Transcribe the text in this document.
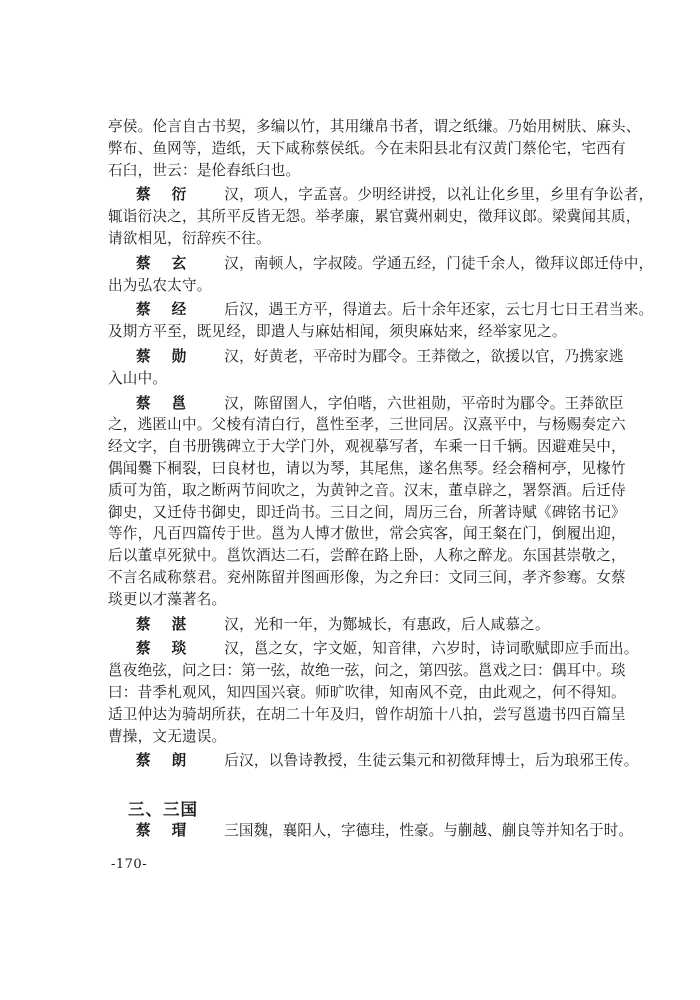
亭侯。伦言自古书契，多编以竹，其用缣帛书者，谓之纸缣。乃始用树肤、麻头、
弊布、鱼网等，造纸，天下咸称蔡侯纸。今在耒阳县北有汉黄门蔡伦宅，宅西有
石臼，世云：是伦舂纸臼也。
蔡 衍 汉，项人，字孟喜。少明经讲授，以礼让化乡里，乡里有争讼者，
辄诣衍决之，其所平反皆无怨。举孝廉，累官冀州刺史，徵拜议郎。梁冀闻其质，
请欲相见，衍辞疾不往。
蔡 玄 汉，南顿人，字叔陵。学通五经，门徒千余人，徵拜议郎迁侍中，
出为弘农太守。
蔡 经 后汉，遇王方平，得道去。后十余年还家，云七月七日王君当来。
及期方平至，既见经，即遣人与麻姑相闻，须臾麻姑来，经举家见之。
蔡 勋 汉，好黄老，平帝时为郿令。王莽徵之，欲援以官，乃携家逃
入山中。
蔡 邕 汉，陈留圉人，字伯喈，六世祖勋，平帝时为郿令。王莽欲臣
之，逃匿山中。父棱有清白行，邕性至孝，三世同居。汉熹平中，与杨赐奏定六
经文字，自书册镌碑立于大学门外，观视摹写者，车乘一日千辆。因避难吴中，
偶闻爨下桐裂，曰良材也，请以为琴，其尾焦，遂名焦琴。经会稽柯亭，见椽竹
质可为笛，取之断两节间吹之，为黄钟之音。汉末，董卓辟之，署祭酒。后迁侍
御史，又迁侍书御史，即迁尚书。三日之间，周历三台，所著诗赋《碑铭书记》
等作，凡百四篇传于世。邕为人博才傲世，常会宾客，闻王粲在门，倒履出迎，
后以董卓死狱中。邕饮酒达二石，尝醉在路上卧，人称之醉龙。东国甚崇敬之，
不言名咸称蔡君。兖州陈留并图画形像，为之弁曰：文同三间，孝齐参骞。女蔡
琰更以才藻著名。
蔡 湛 汉，光和一年，为酂城长，有惠政，后人咸慕之。
蔡 琰 汉，邕之女，字文姬，知音律，六岁时，诗词歌赋即应手而出。
邕夜绝弦，问之曰：第一弦，故绝一弦，问之，第四弦。邕戏之曰：偶耳中。琰
曰：昔季札观风，知四国兴衰。师旷吹律，知南风不竞，由此观之，何不得知。
适卫仲达为骑胡所获，在胡二十年及归，曾作胡笳十八拍，尝写邕遗书四百篇呈
曹操，文无遗误。
蔡 朗 后汉，以鲁诗教授，生徒云集元和初徵拜博士，后为琅邪王传。

三、三国
蔡 瑁 三国魏，襄阳人，字德珪，性豪。与蒯越、蒯良等并知名于时。
-170-
